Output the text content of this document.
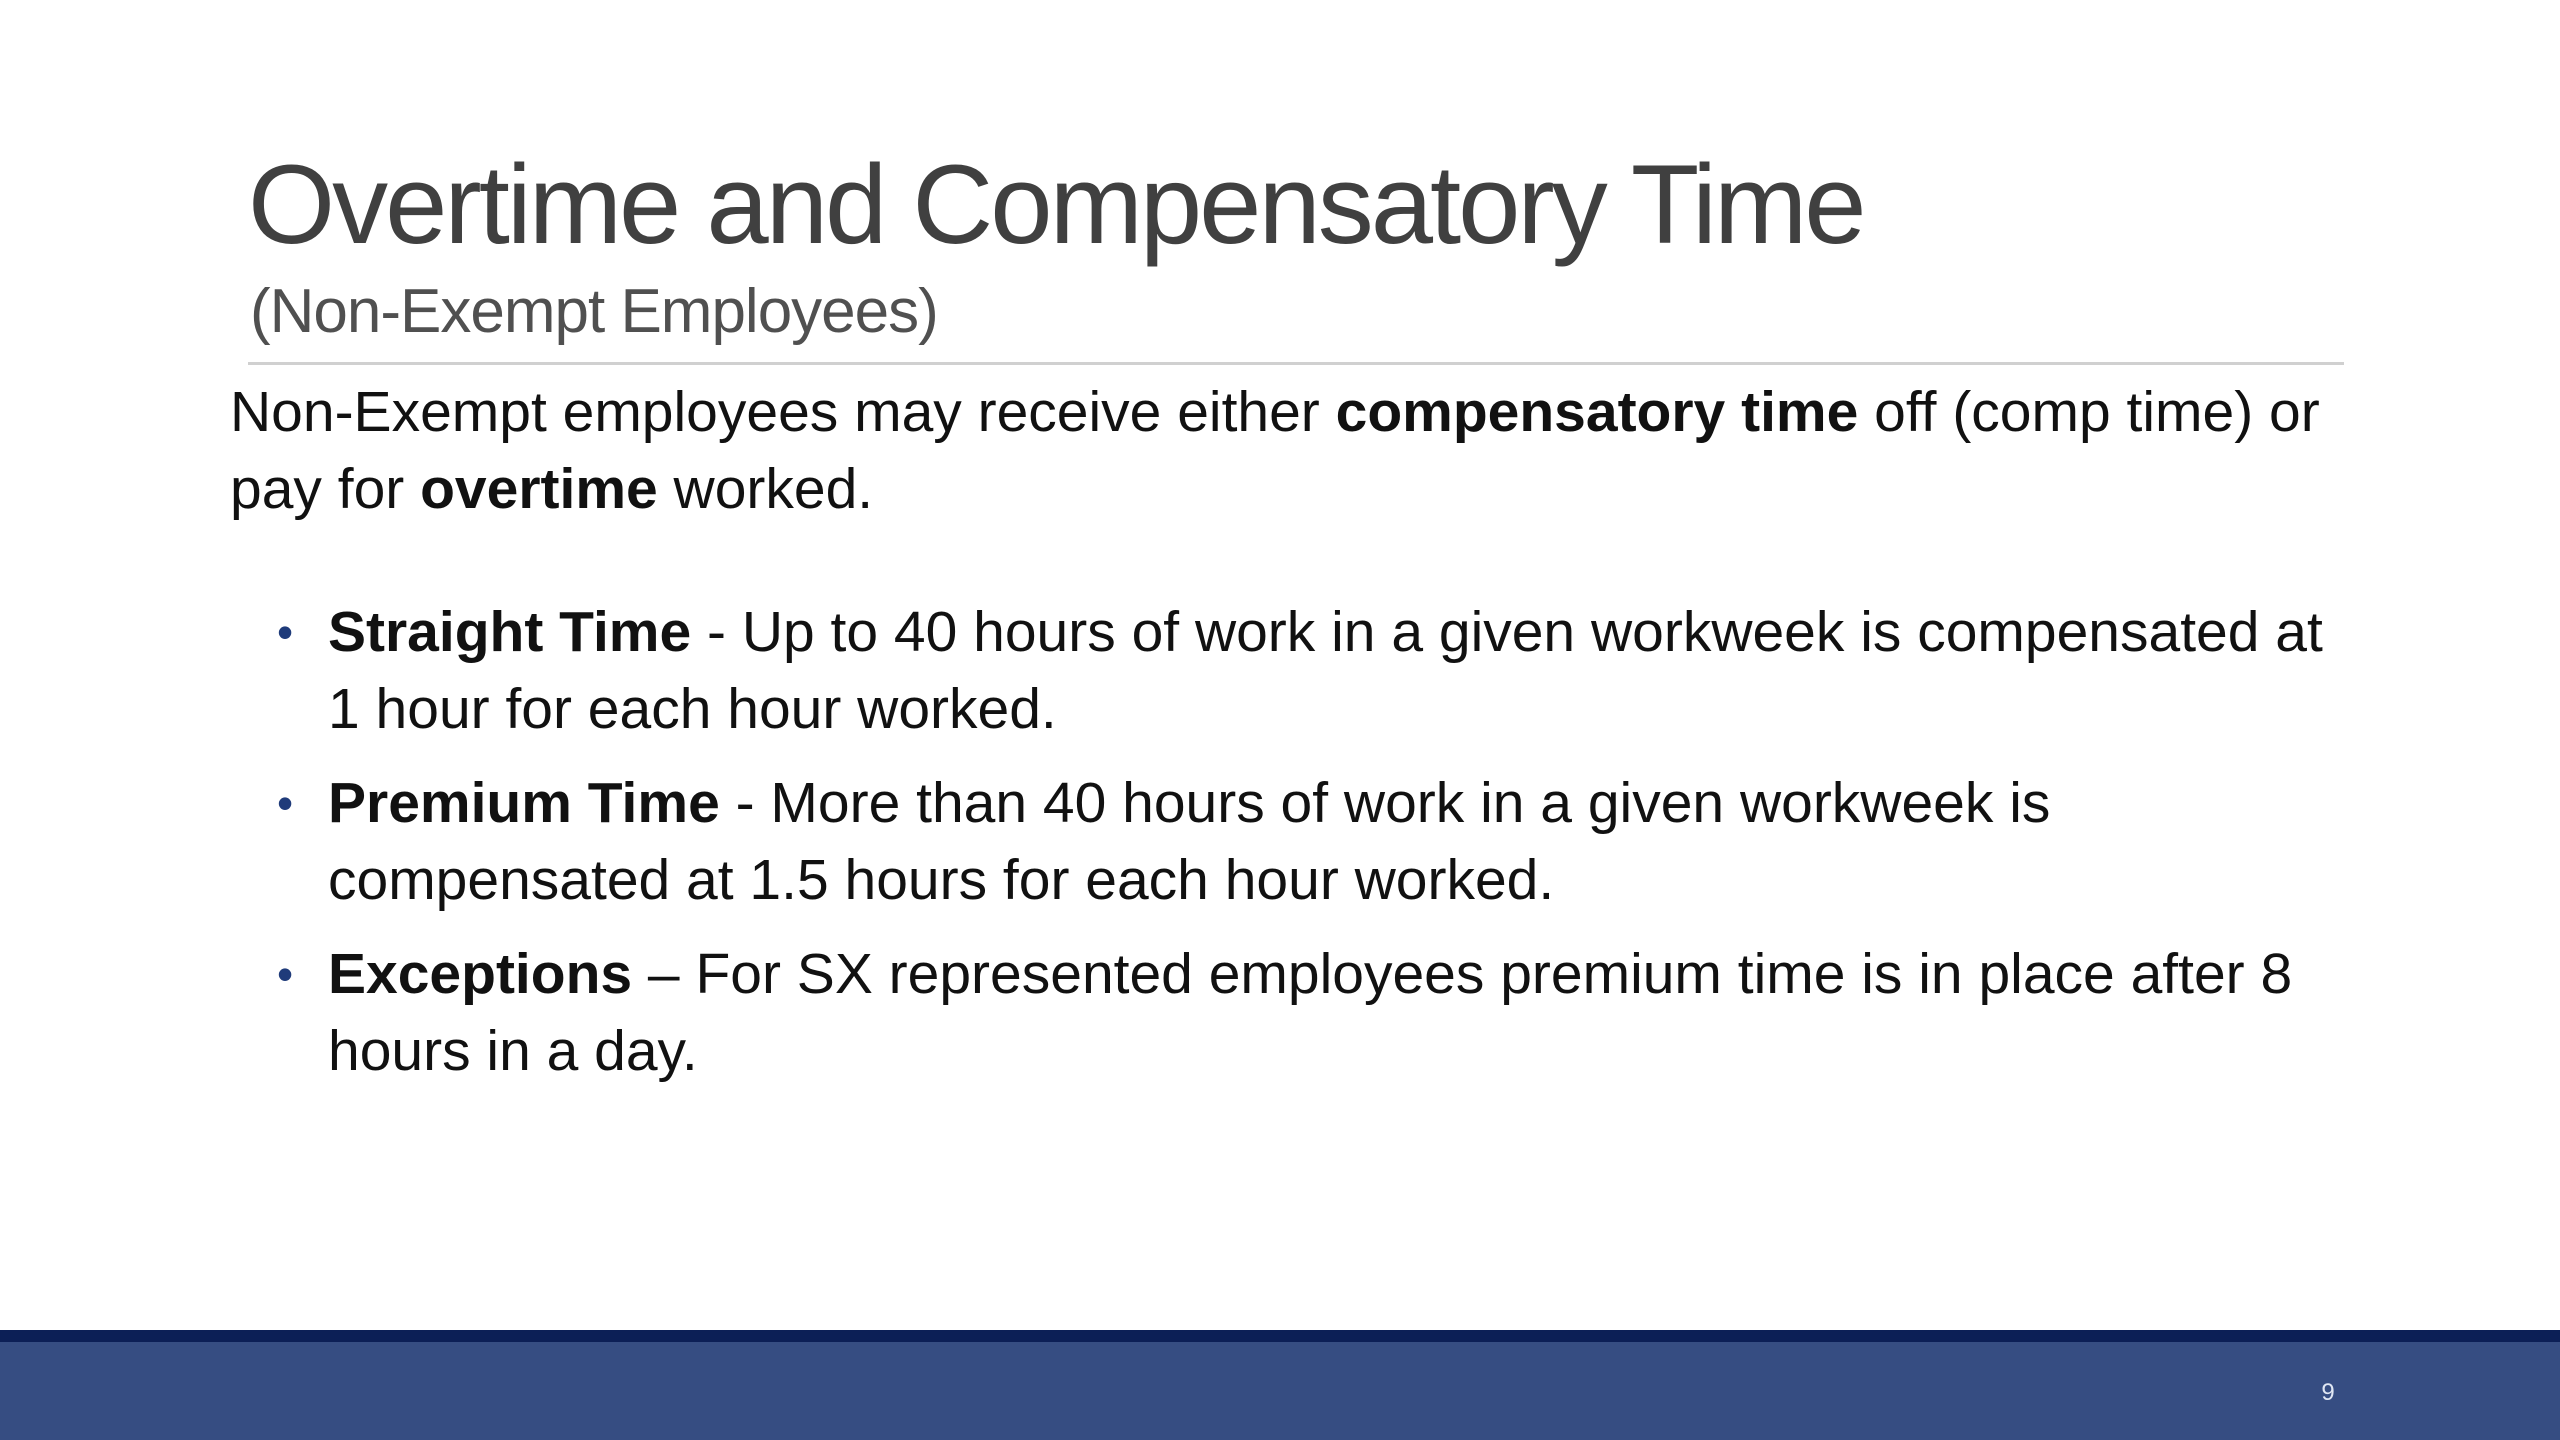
Overtime and Compensatory Time
(Non-Exempt Employees)
Non-Exempt employees may receive either compensatory time off (comp time) or pay for overtime worked.
• Straight Time - Up to 40 hours of work in a given workweek is compensated at 1 hour for each hour worked.
• Premium Time - More than 40 hours of work in a given workweek is compensated at 1.5 hours for each hour worked.
• Exceptions – For SX represented employees premium time is in place after 8 hours in a day.
9
